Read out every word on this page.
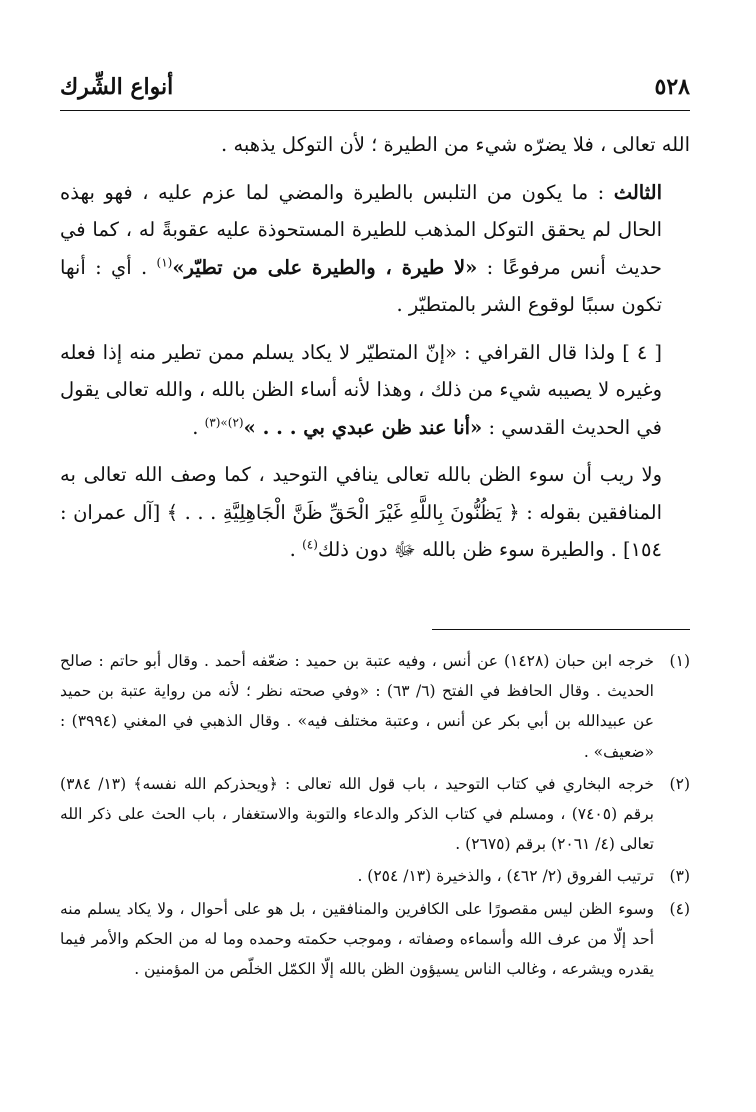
٥٢٨
أنواع الشِّرك

الله تعالى ، فلا يضرّه شيء من الطيرة ؛ لأن التوكل يذهبه .

الثالث : ما يكون من التلبس بالطيرة والمضي لما عزم عليه ، فهو بهذه الحال لم يحقق التوكل المذهب للطيرة المستحوذة عليه عقوبةً له ، كما في حديث أنس مرفوعًا : «لا طيرة ، والطيرة على من تطيّر»$^{(١)}$ . أي : أنها تكون سببًا لوقوع الشر بالمتطيّر .

[ ٤ ] ولذا قال القرافي : «إنّ المتطيّر لا يكاد يسلم ممن تطير منه إذا فعله وغيره لا يصيبه شيء من ذلك ، وهذا لأنه أساء الظن بالله ، والله تعالى يقول في الحديث القدسي : «أنا عند ظن عبدي بي . . . »$^{(٢)»(٣)}$ .

ولا ريب أن سوء الظن بالله تعالى ينافي التوحيد ، كما وصف الله تعالى به المنافقين بقوله : ﴿ يَظُنُّونَ بِاللَّهِ غَيْرَ الْحَقِّ ظَنَّ الْجَاهِلِيَّةِ . . . ﴾ [آل عمران : ١٥٤] . والطيرة سوء ظن بالله ﷻ دون ذلك$^{(٤)}$ .

(١)
خرجه ابن حبان (١٤٢٨) عن أنس ، وفيه عتبة بن حميد : ضعّفه أحمد . وقال أبو حاتم : صالح الحديث . وقال الحافظ في الفتح (٦/ ٦٣) : «وفي صحته نظر ؛ لأنه من رواية عتبة بن حميد عن عبيدالله بن أبي بكر عن أنس ، وعتبة مختلف فيه» . وقال الذهبي في المغني (٣٩٩٤) : «ضعيف» .

(٢)
خرجه البخاري في كتاب التوحيد ، باب قول الله تعالى : ﴿ويحذركم الله نفسه﴾ (١٣/ ٣٨٤) برقم (٧٤٠٥) ، ومسلم في كتاب الذكر والدعاء والتوبة والاستغفار ، باب الحث على ذكر الله تعالى (٤/ ٢٠٦١) برقم (٢٦٧٥) .

(٣)
ترتيب الفروق (٢/ ٤٦٢) ، والذخيرة (١٣/ ٢٥٤) .

(٤)
وسوء الظن ليس مقصورًا على الكافرين والمنافقين ، بل هو على أحوال ، ولا يكاد يسلم منه أحد إلّا من عرف الله وأسماءه وصفاته ، وموجب حكمته وحمده وما له من الحكم والأمر فيما يقدره ويشرعه ، وغالب الناس يسيؤون الظن بالله إلّا الكمّل الخلّص من المؤمنين .
